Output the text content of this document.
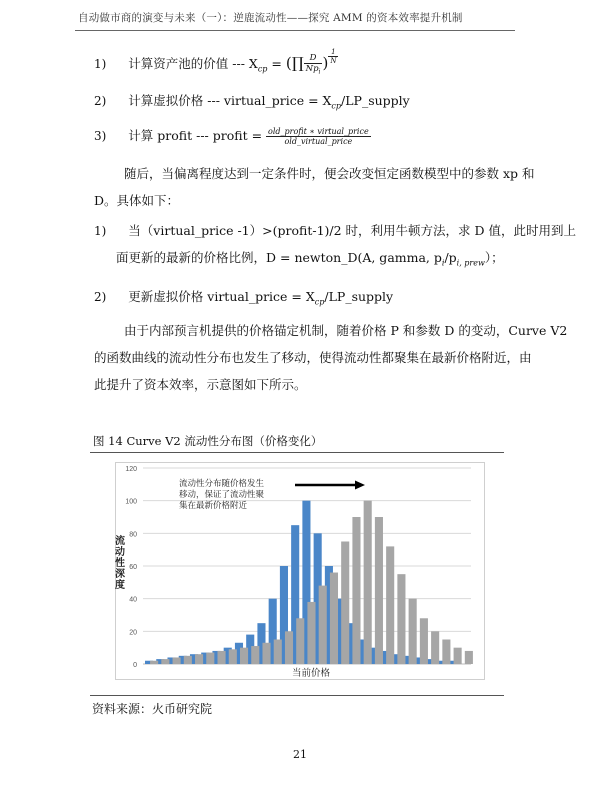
自动做市商的演变与未来（一）：逆鹿流动性——探究 AMM 的资本效率提升机制
1) 计算资产池的价值 --- $X_{cp}$ = (∏ $\frac{D}{Np_i}$ ) $\frac{1}{N}$
2) 计算虚拟价格 --- virtual_price = $X_{cp}/LP\_supply$
3) 计算 profit --- profit = $\frac{\text{old\_profit ∗ virtual\_price}}{\text{old\_virtual\_price}}$
随后，当偏离程度达到一定条件时，便会改变恒定函数模型中的参数 xp 和
D。具体如下：
1) 当（virtual_price -1）>(profit-1)/2 时，利用牛顿方法，求 D 值，此时用到上
面更新的最新的价格比例，D = newton_D(A, gamma, $p_i/p_{i, prew}$）；
2) 更新虚拟价格 virtual_price = $X_{cp}/LP\_supply$
由于内部预言机提供的价格锚定机制，随着价格 P 和参数 D 的变动，Curve V2
的函数曲线的流动性分布也发生了移动，使得流动性都聚集在最新价格附近，由
此提升了资本效率，示意图如下所示。
图 14 Curve V2 流动性分布图（价格变化）
0
20
40
60
80
100
120
流动性深度
当前价格
流动性分布随价格发生
移动，保证了流动性聚
集在最新价格附近
资料来源：火币研究院
21
